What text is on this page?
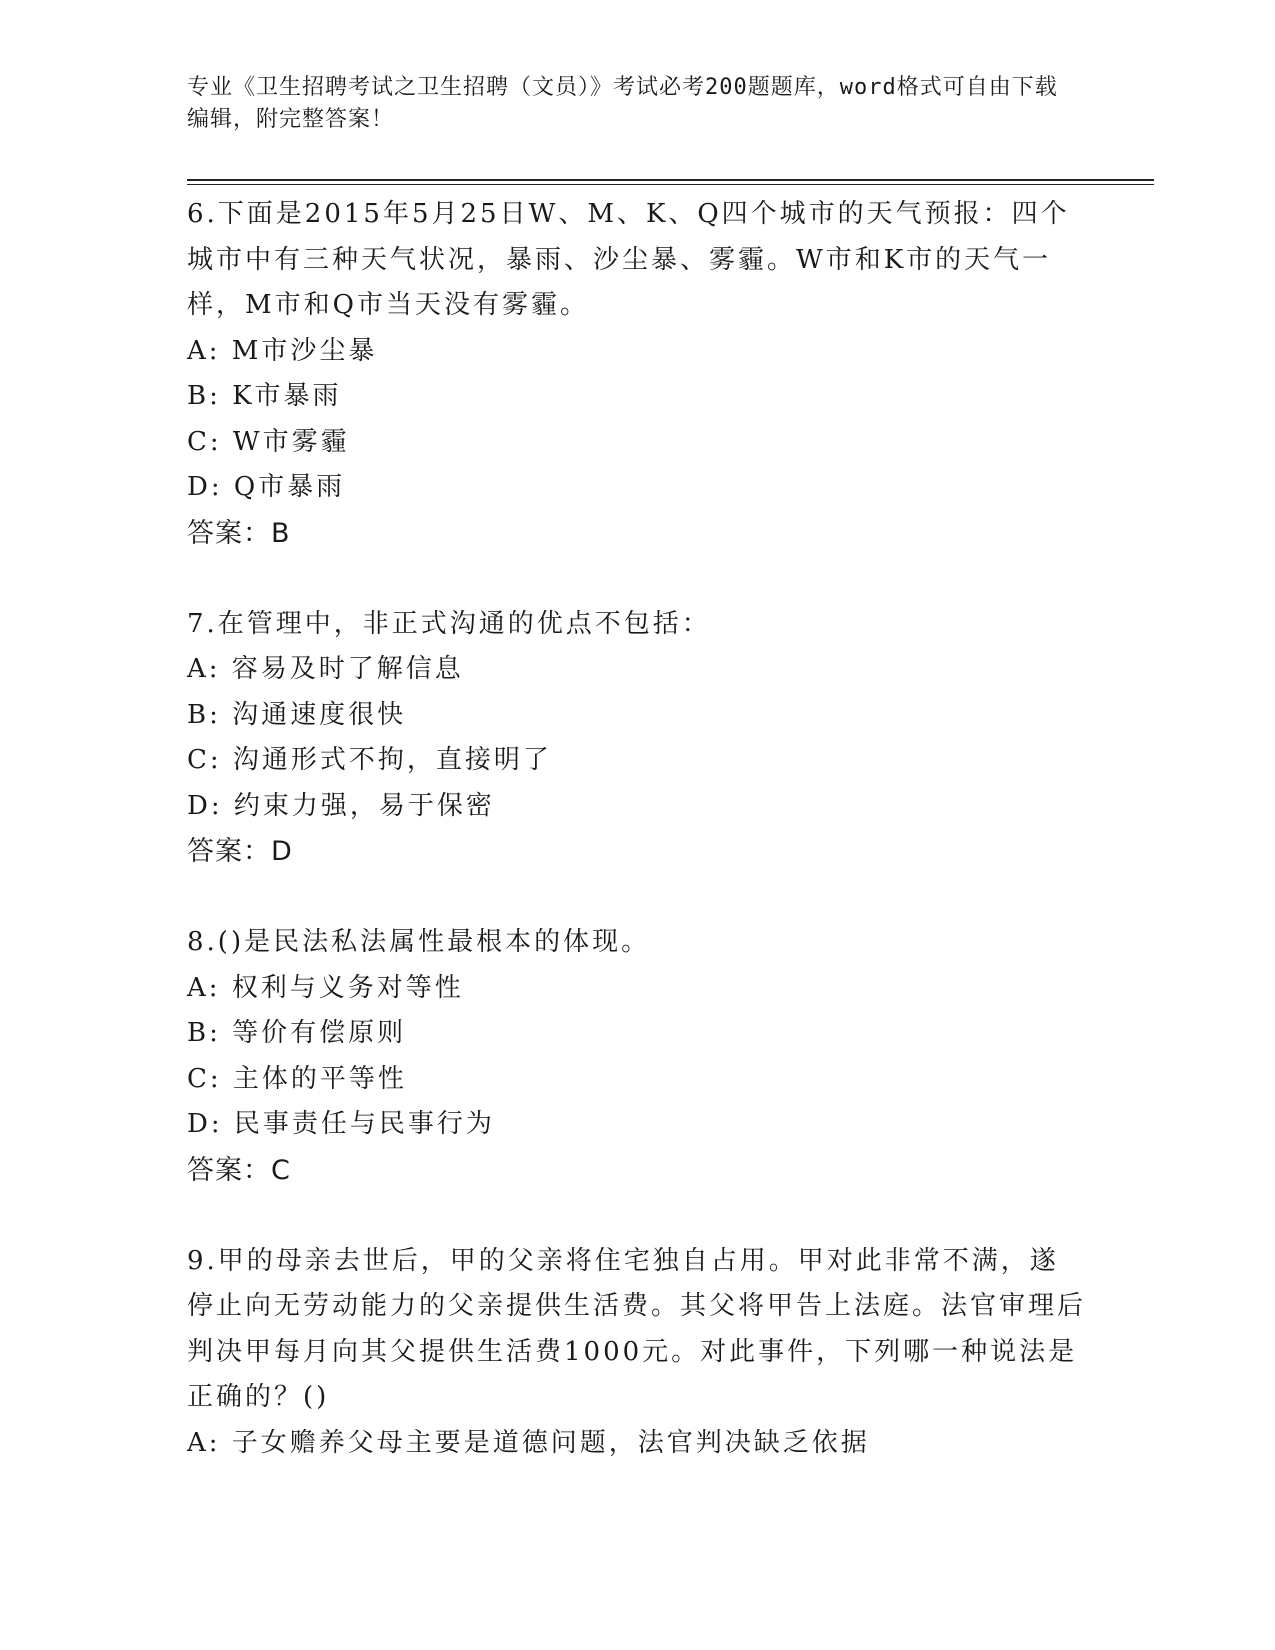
专业《卫生招聘考试之卫生招聘（文员）》考试必考200题题库，word格式可自由下载编辑，附完整答案！

6.下面是2015年5月25日W、M、K、Q四个城市的天气预报：四个城市中有三种天气状况，暴雨、沙尘暴、雾霾。W市和K市的天气一样，M市和Q市当天没有雾霾。

A: M市沙尘暴

B: K市暴雨

C: W市雾霾

D: Q市暴雨

答案：B

7.在管理中，非正式沟通的优点不包括：

A: 容易及时了解信息

B: 沟通速度很快

C: 沟通形式不拘，直接明了

D: 约束力强，易于保密

答案：D

8.()是民法私法属性最根本的体现。

A: 权利与义务对等性

B: 等价有偿原则

C: 主体的平等性

D: 民事责任与民事行为

答案：C

9.甲的母亲去世后，甲的父亲将住宅独自占用。甲对此非常不满，遂停止向无劳动能力的父亲提供生活费。其父将甲告上法庭。法官审理后判决甲每月向其父提供生活费1000元。对此事件，下列哪一种说法是正确的？()

A: 子女赡养父母主要是道德问题，法官判决缺乏依据
